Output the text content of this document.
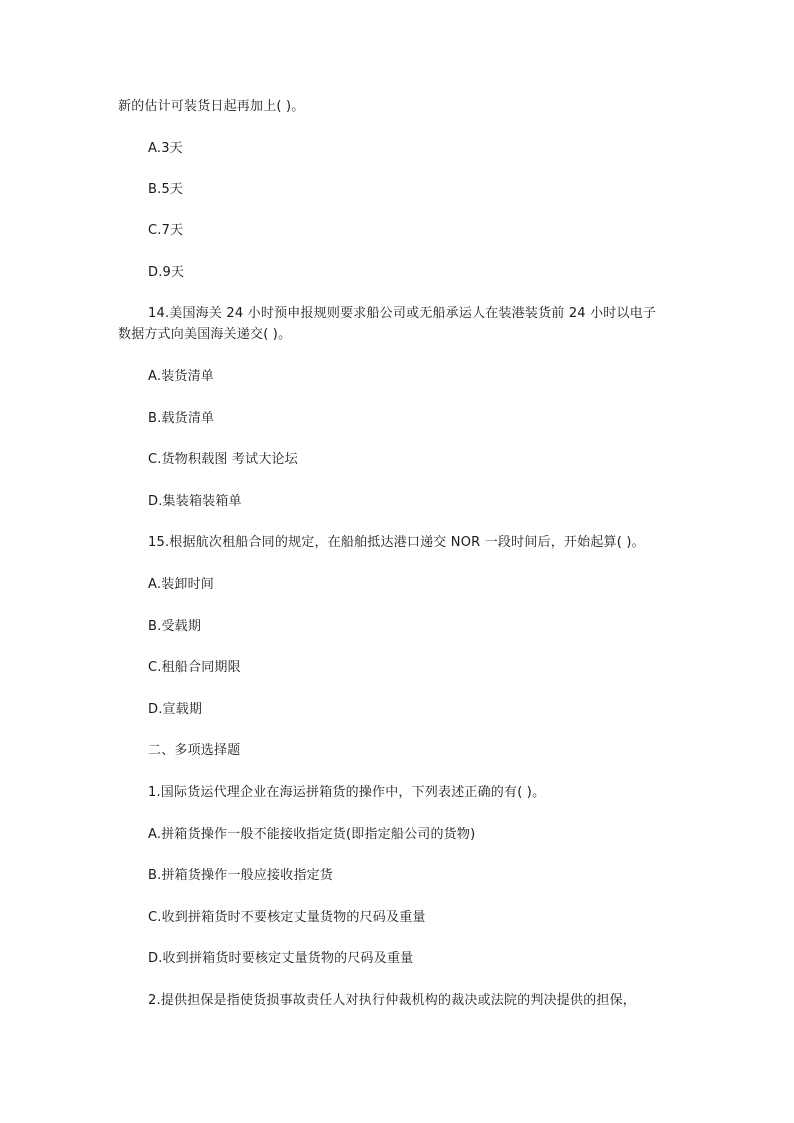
新的估计可装货日起再加上( )。
A.3天
B.5天
C.7天
D.9天
14.美国海关 24 小时预申报规则要求船公司或无船承运人在装港装货前 24 小时以电子
数据方式向美国海关递交( )。
A.装货清单
B.载货清单
C.货物积载图 考试大论坛
D.集装箱装箱单
15.根据航次租船合同的规定，在船舶抵达港口递交 NOR 一段时间后，开始起算( )。
A.装卸时间
B.受载期
C.租船合同期限
D.宣载期
二、多项选择题
1.国际货运代理企业在海运拼箱货的操作中，下列表述正确的有( )。
A.拼箱货操作一般不能接收指定货(即指定船公司的货物)
B.拼箱货操作一般应接收指定货
C.收到拼箱货时不要核定丈量货物的尺码及重量
D.收到拼箱货时要核定丈量货物的尺码及重量
2.提供担保是指使货损事故责任人对执行仲裁机构的裁决或法院的判决提供的担保，
